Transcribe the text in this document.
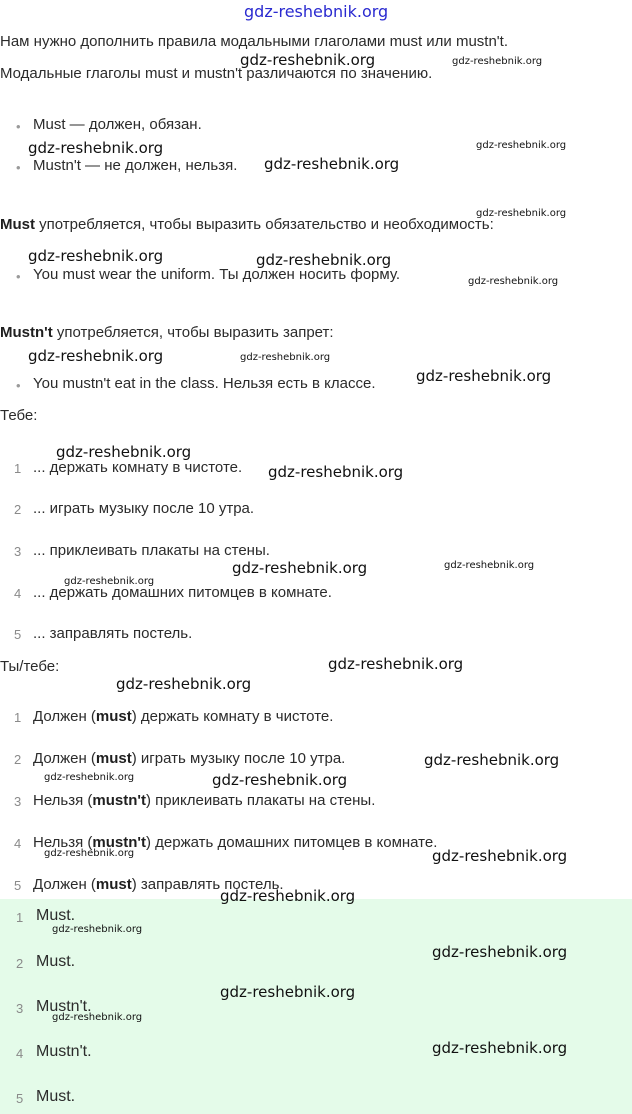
gdz-reshebnik.org
Нам нужно дополнить правила модальными глаголами must или mustn't.
Модальные глаголы must и mustn't различаются по значению.
• Must — должен, обязан.
• Mustn't — не должен, нельзя.
Must употребляется, чтобы выразить обязательство и необходимость:
• You must wear the uniform. Ты должен носить форму.
Mustn't употребляется, чтобы выразить запрет:
• You mustn't eat in the class. Нельзя есть в классе.
Тебе:
1 ... держать комнату в чистоте.
2 ... играть музыку после 10 утра.
3 ... приклеивать плакаты на стены.
4 ... держать домашних питомцев в комнате.
5 ... заправлять постель.
Ты/тебе:
1 Должен (must) держать комнату в чистоте.
2 Должен (must) играть музыку после 10 утра.
3 Нельзя (mustn't) приклеивать плакаты на стены.
4 Нельзя (mustn't) держать домашних питомцев в комнате.
5 Должен (must) заправлять постель.
1 Must.
2 Must.
3 Mustn't.
4 Mustn't.
5 Must.
gdz-reshebnik.org	gdz-reshebnik.org
gdz-reshebnik.org	gdz-reshebnik.org
gdz-reshebnik.org
gdz-reshebnik.org
gdz-reshebnik.org	gdz-reshebnik.org
gdz-reshebnik.org
gdz-reshebnik.org	gdz-reshebnik.org
gdz-reshebnik.org
gdz-reshebnik.org
gdz-reshebnik.org
gdz-reshebnik.org	gdz-reshebnik.org
gdz-reshebnik.org
gdz-reshebnik.org
gdz-reshebnik.org
gdz-reshebnik.org
gdz-reshebnik.org	gdz-reshebnik.org
gdz-reshebnik.org	gdz-reshebnik.org
gdz-reshebnik.org
gdz-reshebnik.org
gdz-reshebnik.org
gdz-reshebnik.org
gdz-reshebnik.org
gdz-reshebnik.org
